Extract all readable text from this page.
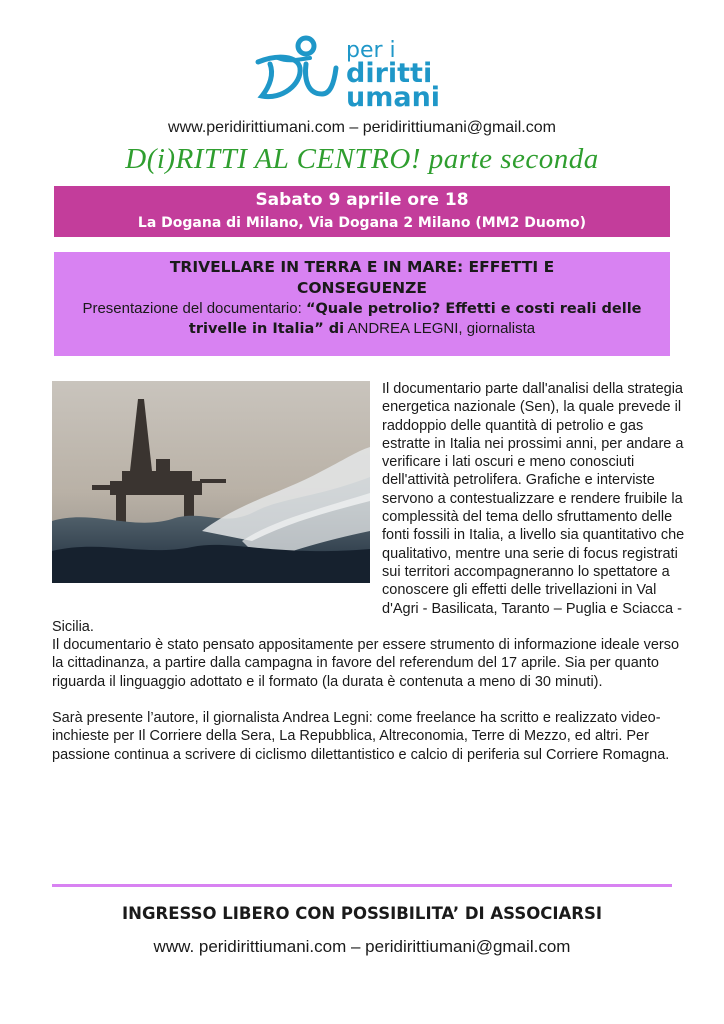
per i
diritti
umani
www.peridirittiumani.com – peridirittiumani@gmail.com
D(i)RITTI AL CENTRO! parte seconda
Sabato 9 aprile ore 18
La Dogana di Milano, Via Dogana 2 Milano (MM2 Duomo)
TRIVELLARE IN TERRA E IN MARE: EFFETTI E CONSEGUENZE
Presentazione del documentario: “Quale petrolio? Effetti e costi reali delle trivelle in Italia” di ANDREA LEGNI, giornalista

Il documentario parte dall'analisi della strategia energetica nazionale (Sen), la quale prevede il raddoppio delle quantità di petrolio e gas estratte in Italia nei prossimi anni, per andare a verificare i lati oscuri e meno conosciuti dell'attività petrolifera. Grafiche e interviste servono a contestualizzare e rendere fruibile la complessità del tema dello sfruttamento delle fonti fossili in Italia, a livello sia quantitativo che qualitativo, mentre una serie di focus registrati sui territori accompagneranno lo spettatore a conoscere gli effetti delle trivellazioni in Val d'Agri - Basilicata, Taranto – Puglia e Sciacca - Sicilia.

Il documentario è stato pensato appositamente per essere strumento di informazione ideale verso la cittadinanza, a partire dalla campagna in favore del referendum del 17 aprile. Sia per quanto riguarda il linguaggio adottato e il formato (la durata è contenuta a meno di 30 minuti).

Sarà presente l’autore, il giornalista Andrea Legni: come freelance ha scritto e realizzato video-inchieste per Il Corriere della Sera, La Repubblica, Altreconomia, Terre di Mezzo, ed altri. Per passione continua a scrivere di ciclismo dilettantistico e calcio di periferia sul Corriere Romagna.

INGRESSO LIBERO CON POSSIBILITA’ DI ASSOCIARSI
www. peridirittiumani.com – peridirittiumani@gmail.com
